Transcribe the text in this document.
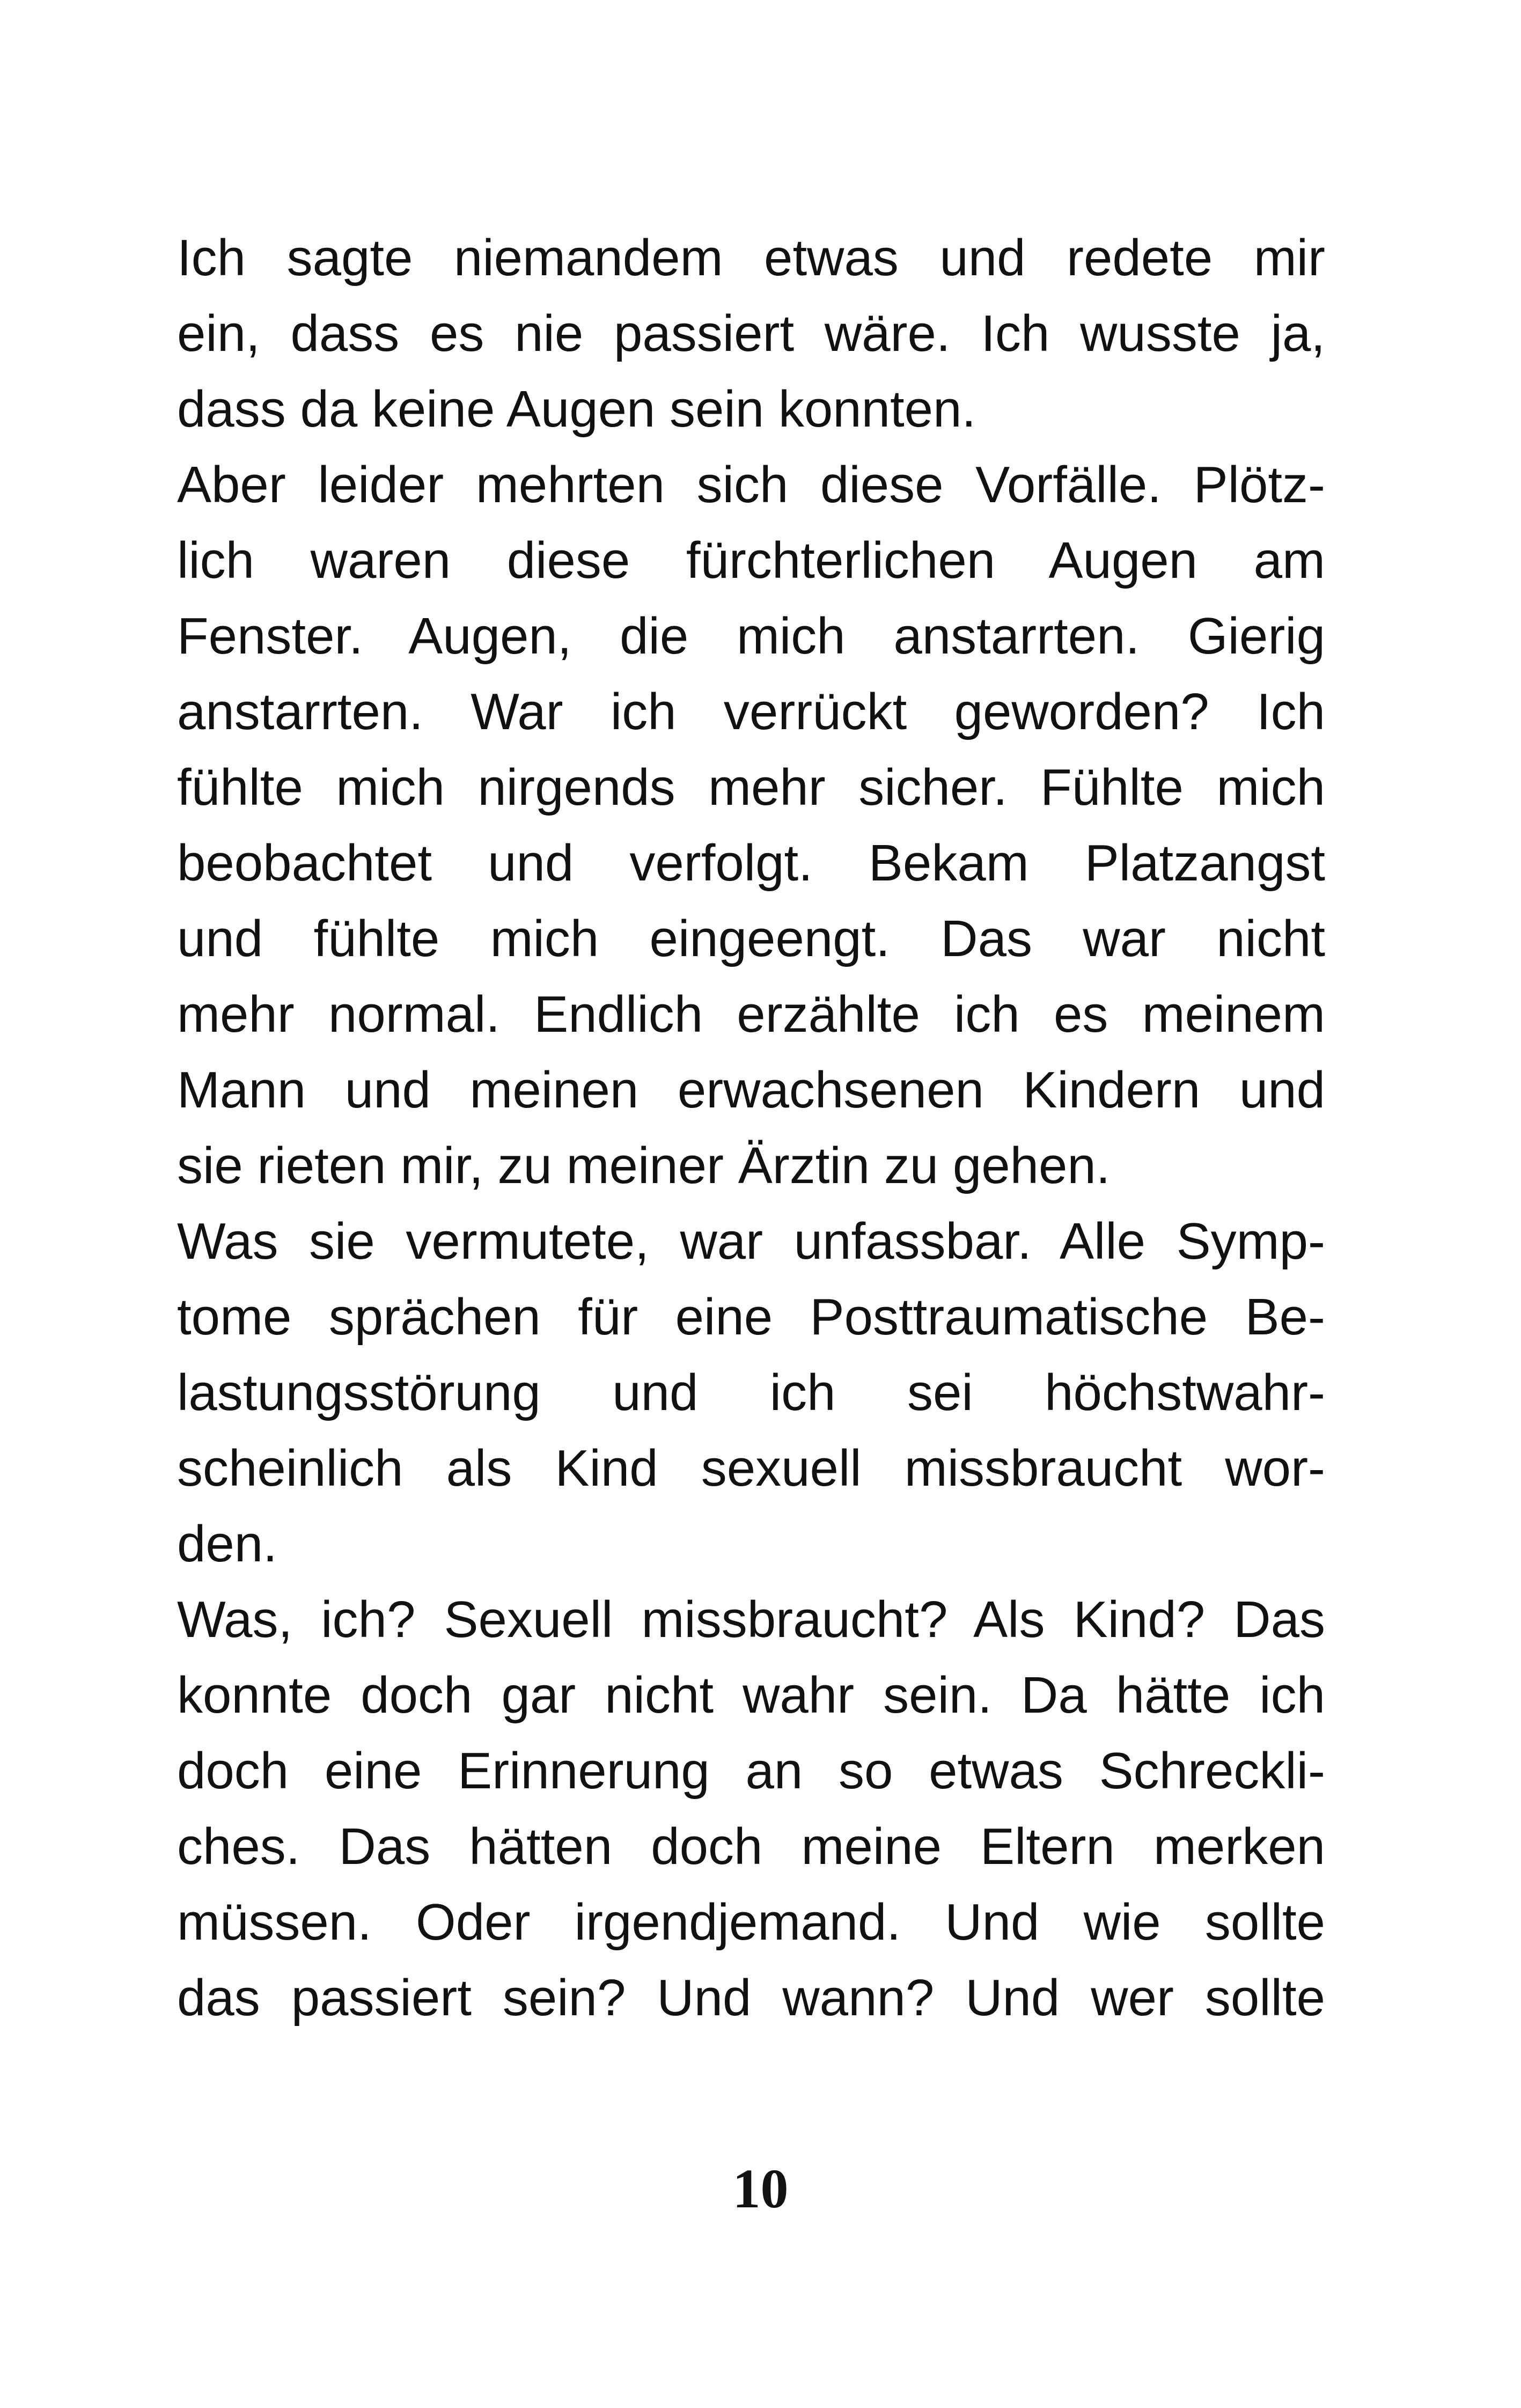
Ich sagte niemandem etwas und redete mir
ein, dass es nie passiert wäre. Ich wusste ja,
dass da keine Augen sein konnten.
Aber leider mehrten sich diese Vorfälle. Plötz-
lich waren diese fürchterlichen Augen am
Fenster. Augen, die mich anstarrten. Gierig
anstarrten. War ich verrückt geworden? Ich
fühlte mich nirgends mehr sicher. Fühlte mich
beobachtet und verfolgt. Bekam Platzangst
und fühlte mich eingeengt. Das war nicht
mehr normal. Endlich erzählte ich es meinem
Mann und meinen erwachsenen Kindern und
sie rieten mir, zu meiner Ärztin zu gehen.
Was sie vermutete, war unfassbar. Alle Symp-
tome sprächen für eine Posttraumatische Be-
lastungsstörung und ich sei höchstwahr-
scheinlich als Kind sexuell missbraucht wor-
den.
Was, ich? Sexuell missbraucht? Als Kind? Das
konnte doch gar nicht wahr sein. Da hätte ich
doch eine Erinnerung an so etwas Schreckli-
ches. Das hätten doch meine Eltern merken
müssen. Oder irgendjemand. Und wie sollte
das passiert sein? Und wann? Und wer sollte
10
